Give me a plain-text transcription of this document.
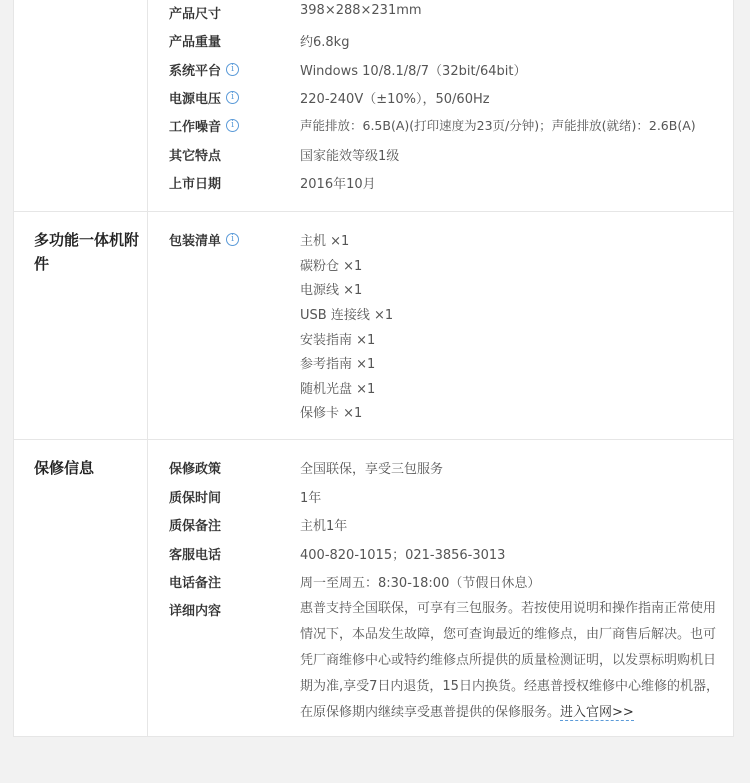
产品尺寸	398×288×231mm
产品重量	约6.8kg
系统平台	i	Windows 10/8.1/8/7（32bit/64bit）
电源电压	i	220-240V（±10%），50/60Hz
工作噪音	i	声能排放：6.5B(A)(打印速度为23页/分钟)；声能排放(就绪)：2.6B(A)
其它特点	国家能效等级1级
上市日期	2016年10月
多功能一体机附件
包装清单	i	主机 ×1
碳粉仓 ×1
电源线 ×1
USB 连接线 ×1
安装指南 ×1
参考指南 ×1
随机光盘 ×1
保修卡 ×1
保修信息	保修政策	全国联保，享受三包服务
质保时间	1年
质保备注	主机1年
客服电话	400-820-1015；021-3856-3013
电话备注	周一至周五：8:30-18:00（节假日休息）
详细内容	惠普支持全国联保，可享有三包服务。若按使用说明和操作指南正常使用情况下，本品发生故障，您可查询最近的维修点，由厂商售后解决。也可凭厂商维修中心或特约维修点所提供的质量检测证明，以发票标明购机日期为准,享受7日内退货，15日内换货。经惠普授权维修中心维修的机器，在原保修期内继续享受惠普提供的保修服务。进入官网>>
